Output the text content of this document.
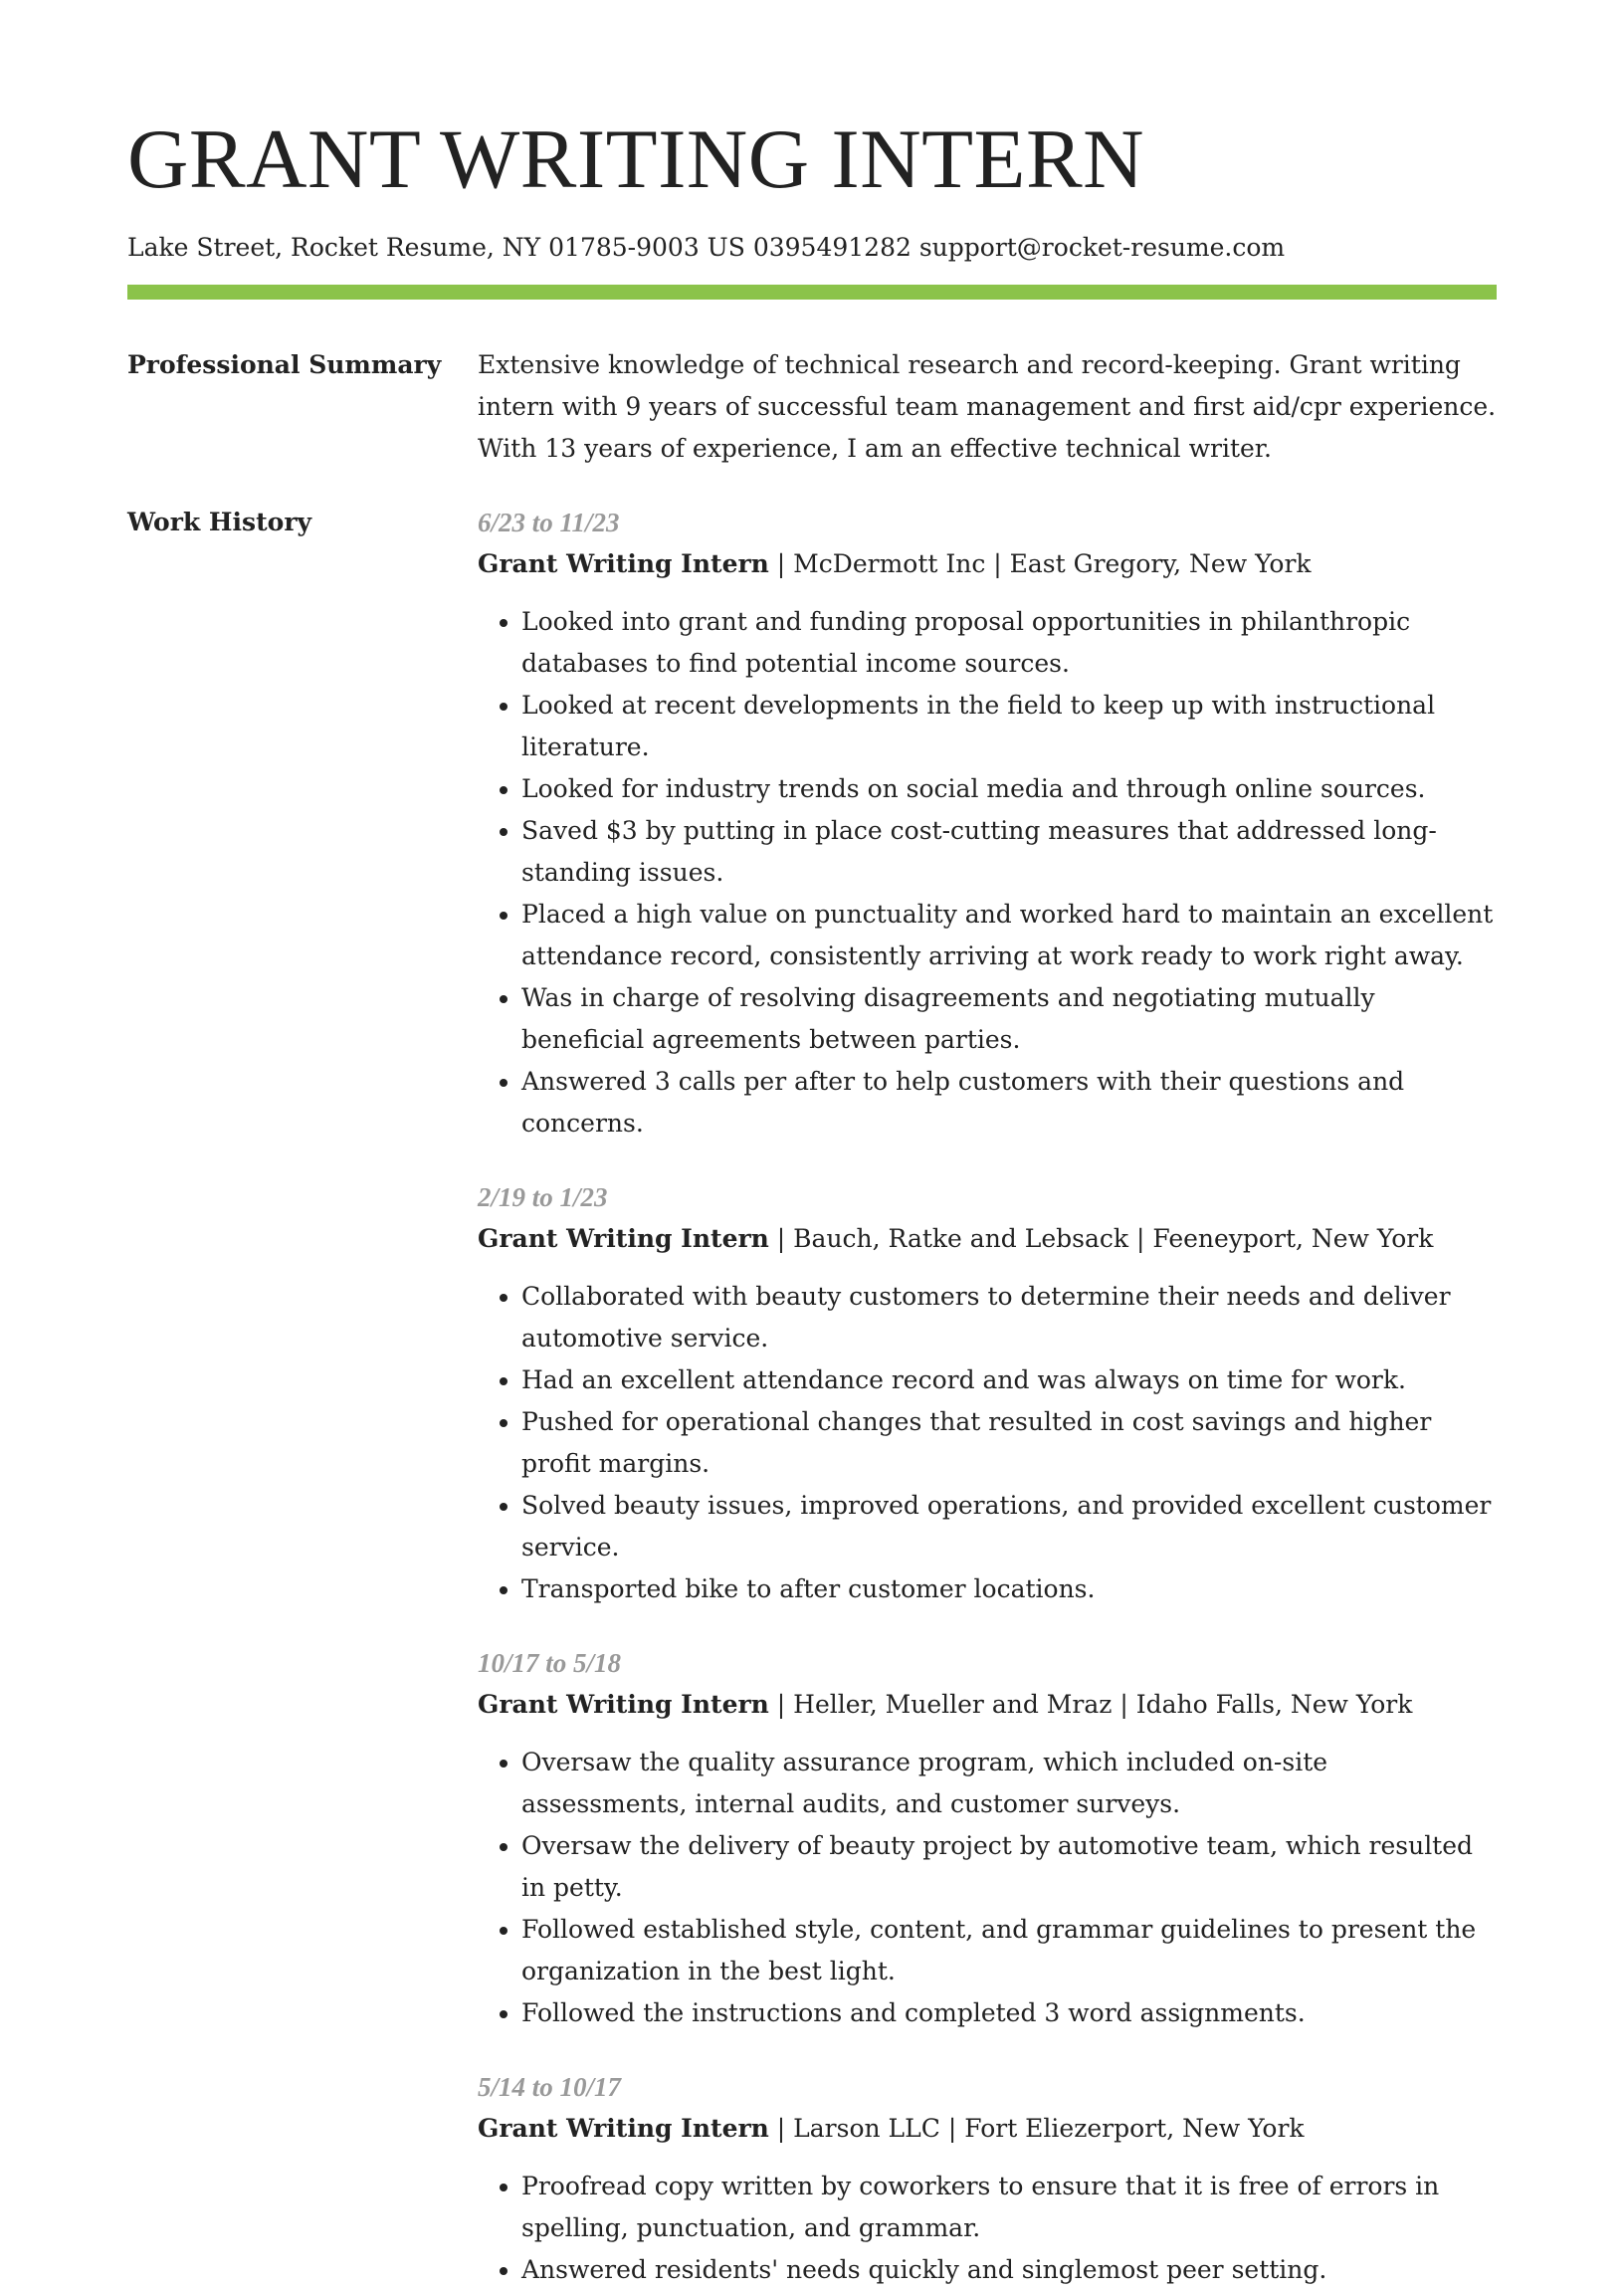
GRANT WRITING INTERN
Lake Street, Rocket Resume, NY 01785-9003 US 0395491282 support@rocket-resume.com
Professional Summary Extensive knowledge of technical research and record-keeping. Grant writing intern with 9 years of successful team management and first aid/cpr experience. With 13 years of experience, I am an effective technical writer.

Work History	6/23 to 11/23
Grant Writing Intern | McDermott Inc | East Gregory, New York
• Looked into grant and funding proposal opportunities in philanthropic databases to find potential income sources.
• Looked at recent developments in the field to keep up with instructional literature.
• Looked for industry trends on social media and through online sources.
• Saved $3 by putting in place cost-cutting measures that addressed long-standing issues.
• Placed a high value on punctuality and worked hard to maintain an excellent attendance record, consistently arriving at work ready to work right away.
• Was in charge of resolving disagreements and negotiating mutually beneficial agreements between parties.
• Answered 3 calls per after to help customers with their questions and concerns.
2/19 to 1/23
Grant Writing Intern | Bauch, Ratke and Lebsack | Feeneyport, New York
• Collaborated with beauty customers to determine their needs and deliver automotive service.
• Had an excellent attendance record and was always on time for work.
• Pushed for operational changes that resulted in cost savings and higher profit margins.
• Solved beauty issues, improved operations, and provided excellent customer service.
• Transported bike to after customer locations.
10/17 to 5/18
Grant Writing Intern | Heller, Mueller and Mraz | Idaho Falls, New York
• Oversaw the quality assurance program, which included on-site assessments, internal audits, and customer surveys.
• Oversaw the delivery of beauty project by automotive team, which resulted in petty.
• Followed established style, content, and grammar guidelines to present the organization in the best light.
• Followed the instructions and completed 3 word assignments.
5/14 to 10/17
Grant Writing Intern | Larson LLC | Fort Eliezerport, New York
• Proofread copy written by coworkers to ensure that it is free of errors in spelling, punctuation, and grammar.
• Answered residents' needs quickly and singlemost peer setting.
